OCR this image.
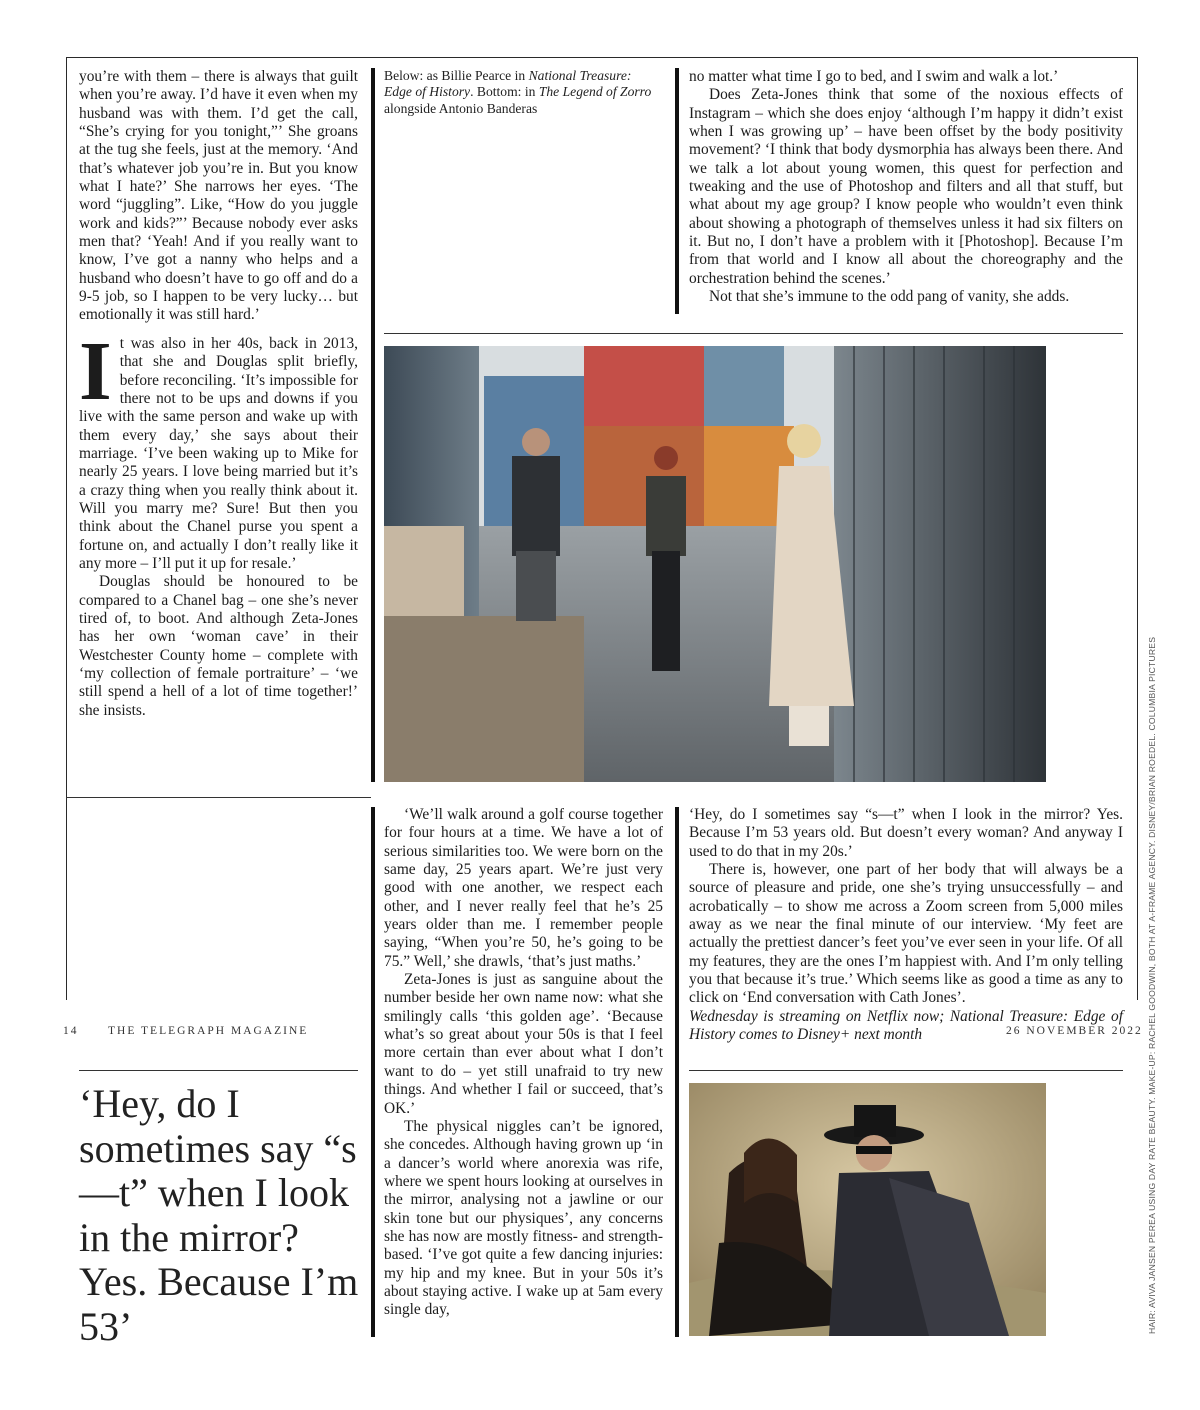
you’re with them – there is always that guilt when you’re away. I’d have it even when my husband was with them. I’d get the call, “She’s crying for you tonight,”’ She groans at the tug she feels, just at the memory. ‘And that’s whatever job you’re in. But you know what I hate?’ She narrows her eyes. ‘The word “juggling”. Like, “How do you juggle work and kids?”’ Because nobody ever asks men that? ‘Yeah! And if you really want to know, I’ve got a nanny who helps and a husband who doesn’t have to go off and do a 9-5 job, so I happen to be very lucky… but emotionally it was still hard.’

It was also in her 40s, back in 2013, that she and Douglas split briefly, before reconciling. ‘It’s impossible for there not to be ups and downs if you live with the same person and wake up with them every day,’ she says about their marriage. ‘I’ve been waking up to Mike for nearly 25 years. I love being married but it’s a crazy thing when you really think about it. Will you marry me? Sure! But then you think about the Chanel purse you spent a fortune on, and actually I don’t really like it any more – I’ll put it up for resale.’

Douglas should be honoured to be compared to a Chanel bag – one she’s never tired of, to boot. And although Zeta-Jones has her own ‘woman cave’ in their Westchester County home – complete with ‘my collection of female portraiture’ – ‘we still spend a hell of a lot of time together!’ she insists.

Below: as Billie Pearce in National Treasure: Edge of History. Bottom: in The Legend of Zorro alongside Antonio Banderas

no matter what time I go to bed, and I swim and walk a lot.’

Does Zeta-Jones think that some of the noxious effects of Instagram – which she does enjoy ‘although I’m happy it didn’t exist when I was growing up’ – have been offset by the body positivity movement? ‘I think that body dysmorphia has always been there. And we talk a lot about young women, this quest for perfection and tweaking and the use of Photoshop and filters and all that stuff, but what about my age group? I know people who wouldn’t even think about showing a photograph of themselves unless it had six filters on it. But no, I don’t have a problem with it [Photoshop]. Because I’m from that world and I know all about the choreography and the orchestration behind the scenes.’

Not that she’s immune to the odd pang of vanity, she adds.

HAIR: AVIVA JANSEN PEREA USING DAY RATE BEAUTY. MAKE-UP: RACHEL GOODWIN, BOTH AT A-FRAME AGENCY. DISNEY/BRIAN ROEDEL. COLUMBIA PICTURES
‘Hey, do I sometimes say “s—t” when I look in the mirror? Yes. Because I’m 53’

‘We’ll walk around a golf course together for four hours at a time. We have a lot of serious similarities too. We were born on the same day, 25 years apart. We’re just very good with one another, we respect each other, and I never really feel that he’s 25 years older than me. I remember people saying, “When you’re 50, he’s going to be 75.” Well,’ she drawls, ‘that’s just maths.’

Zeta-Jones is just as sanguine about the number beside her own name now: what she smilingly calls ‘this golden age’. ‘Because what’s so great about your 50s is that I feel more certain than ever about what I don’t want to do – yet still unafraid to try new things. And whether I fail or succeed, that’s OK.’

The physical niggles can’t be ignored, she concedes. Although having grown up ‘in a dancer’s world where anorexia was rife, where we spent hours looking at ourselves in the mirror, analysing not a jawline or our skin tone but our physiques’, any concerns she has now are mostly fitness- and strength-based. ‘I’ve got quite a few dancing injuries: my hip and my knee. But in your 50s it’s about staying active. I wake up at 5am every single day,

‘Hey, do I sometimes say “s—t” when I look in the mirror? Yes. Because I’m 53 years old. But doesn’t every woman? And anyway I used to do that in my 20s.’

There is, however, one part of her body that will always be a source of pleasure and pride, one she’s trying unsuccessfully – and acrobatically – to show me across a Zoom screen from 5,000 miles away as we near the final minute of our interview. ‘My feet are actually the prettiest dancer’s feet you’ve ever seen in your life. Of all my features, they are the ones I’m happiest with. And I’m only telling you that because it’s true.’ Which seems like as good a time as any to click on ‘End conversation with Cath Jones’.

Wednesday is streaming on Netflix now; National Treasure: Edge of History comes to Disney+ next month

14	THE TELEGRAPH MAGAZINE	26 NOVEMBER 2022
